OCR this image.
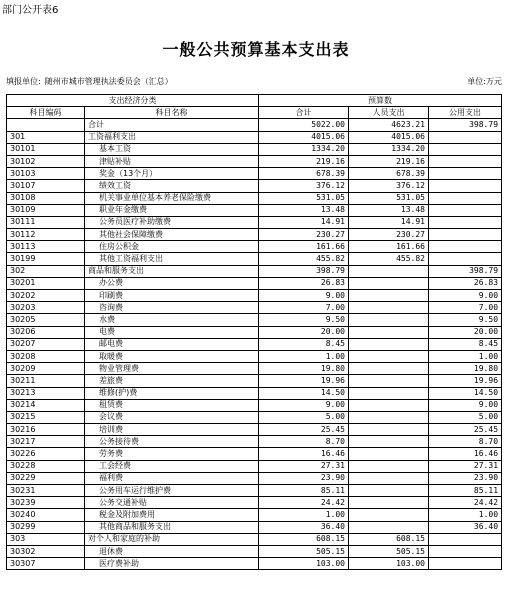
部门公开表6
一般公共预算基本支出表
填报单位: 随州市城市管理执法委员会（汇总）	单位:万元
支出经济分类		预算数		
科目编码	科目名称	合计	人员支出	公用支出
	合计	5022.00	4623.21	398.79
301	工资福利支出	4015.06	4015.06	
30101	基本工资	1334.20	1334.20	
30102	津贴补贴	219.16	219.16	
30103	奖金（13个月）	678.39	678.39	
30107	绩效工资	376.12	376.12	
30108	机关事业单位基本养老保险缴费	531.05	531.05	
30109	职业年金缴费	13.48	13.48	
30111	公务员医疗补助缴费	14.91	14.91	
30112	其他社会保障缴费	230.27	230.27	
30113	住房公积金	161.66	161.66	
30199	其他工资福利支出	455.82	455.82	
302	商品和服务支出	398.79		398.79
30201	办公费	26.83		26.83
30202	印刷费	9.00		9.00
30203	咨询费	7.00		7.00
30205	水费	9.50		9.50
30206	电费	20.00		20.00
30207	邮电费	8.45		8.45
30208	取暖费	1.00		1.00
30209	物业管理费	19.80		19.80
30211	差旅费	19.96		19.96
30213	维修(护)费	14.50		14.50
30214	租赁费	9.00		9.00
30215	会议费	5.00		5.00
30216	培训费	25.45		25.45
30217	公务接待费	8.70		8.70
30226	劳务费	16.46		16.46
30228	工会经费	27.31		27.31
30229	福利费	23.90		23.90
30231	公务用车运行维护费	85.11		85.11
30239	公务交通补贴	24.42		24.42
30240	税金及附加费用	1.00		1.00
30299	其他商品和服务支出	36.40		36.40
303	对个人和家庭的补助	608.15	608.15	
30302	退休费	505.15	505.15	
30307	医疗费补助	103.00	103.00	
